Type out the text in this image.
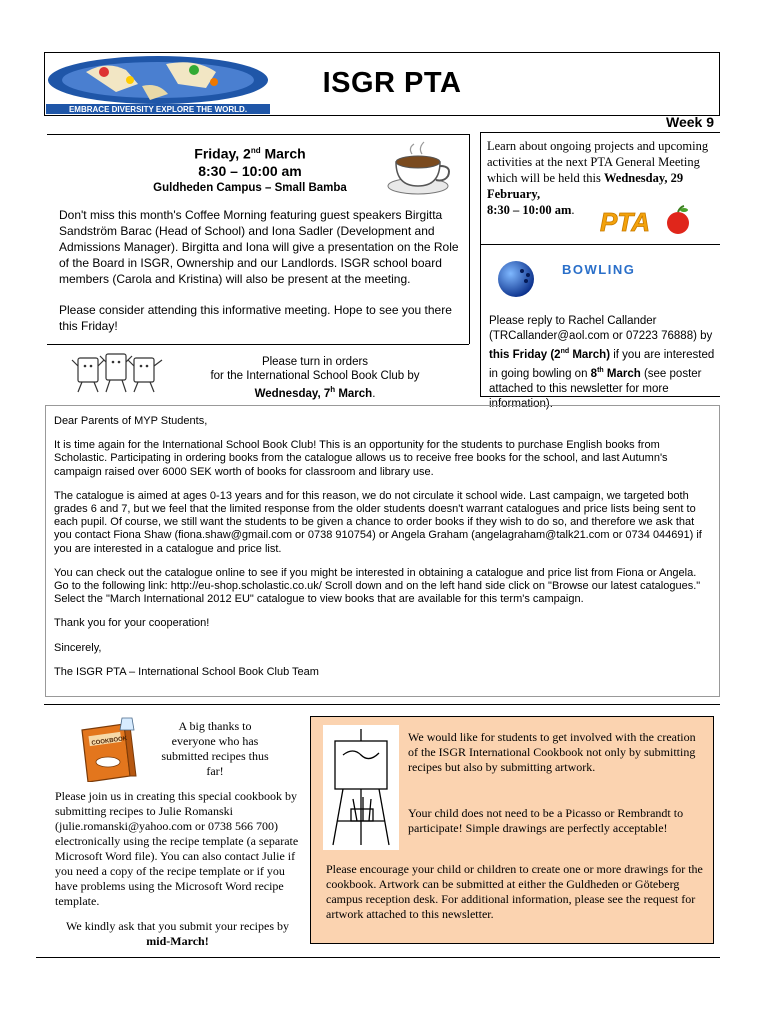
EMBRACE DIVERSITY EXPLORE THE WORLD.
ISGR PTA
Week 9
Friday, 2nd March
8:30 – 10:00 am
Guldheden Campus – Small Bamba

Don't miss this month's Coffee Morning featuring guest speakers Birgitta Sandström Barac (Head of School) and Iona Sadler (Development and Admissions Manager). Birgitta and Iona will give a presentation on the Role of the Board in ISGR, Ownership and our Landlords. ISGR school board members (Carola and Kristina) will also be present at the meeting.

Please consider attending this informative meeting. Hope to see you there this Friday!

Please turn in orders
for the International School Book Club by
Wednesday, 7$^h$ March.
Learn about ongoing projects and upcoming activities at the next PTA General Meeting which will be held this Wednesday, 29 February,
8:30 – 10:00 am. PTA
BOWLING
Please reply to Rachel Callander (TRCallander@aol.com or 07223 76888) by this Friday (2nd March) if you are interested in going bowling on 8th March (see poster attached to this newsletter for more information).

Dear Parents of MYP Students,

It is time again for the International School Book Club! This is an opportunity for the students to purchase English books from Scholastic. Participating in ordering books from the catalogue allows us to receive free books for the school, and last Autumn's campaign raised over 6000 SEK worth of books for classroom and library use.

The catalogue is aimed at ages 0-13 years and for this reason, we do not circulate it school wide. Last campaign, we targeted both grades 6 and 7, but we feel that the limited response from the older students doesn't warrant catalogues and price lists being sent to each pupil. Of course, we still want the students to be given a chance to order books if they wish to do so, and therefore we ask that you contact Fiona Shaw (fiona.shaw@gmail.com or 0738 910754) or Angela Graham (angelagraham@talk21.com or 0734 044691) if you are interested in a catalogue and price list.

You can check out the catalogue online to see if you might be interested in obtaining a catalogue and price list from Fiona or Angela. Go to the following link: http://eu-shop.scholastic.co.uk/ Scroll down and on the left hand side click on "Browse our latest catalogues." Select the "March International 2012 EU" catalogue to view books that are available for this term's campaign.

Thank you for your cooperation!

Sincerely,

The ISGR PTA – International School Book Club Team

COOKBOOK
A big thanks to everyone who has submitted recipes thus far!
Please join us in creating this special cookbook by submitting recipes to Julie Romanski (julie.romanski@yahoo.com or 0738 566 700) electronically using the recipe template (a separate Microsoft Word file). You can also contact Julie if you need a copy of the recipe template or if you have problems using the Microsoft Word recipe template.
We kindly ask that you submit your recipes by mid-March!
We would like for students to get involved with the creation of the ISGR International Cookbook not only by submitting recipes but also by submitting artwork.
Your child does not need to be a Picasso or Rembrandt to participate! Simple drawings are perfectly acceptable!
Please encourage your child or children to create one or more drawings for the cookbook. Artwork can be submitted at either the Guldheden or Göteberg campus reception desk. For additional information, please see the request for artwork attached to this newsletter.
